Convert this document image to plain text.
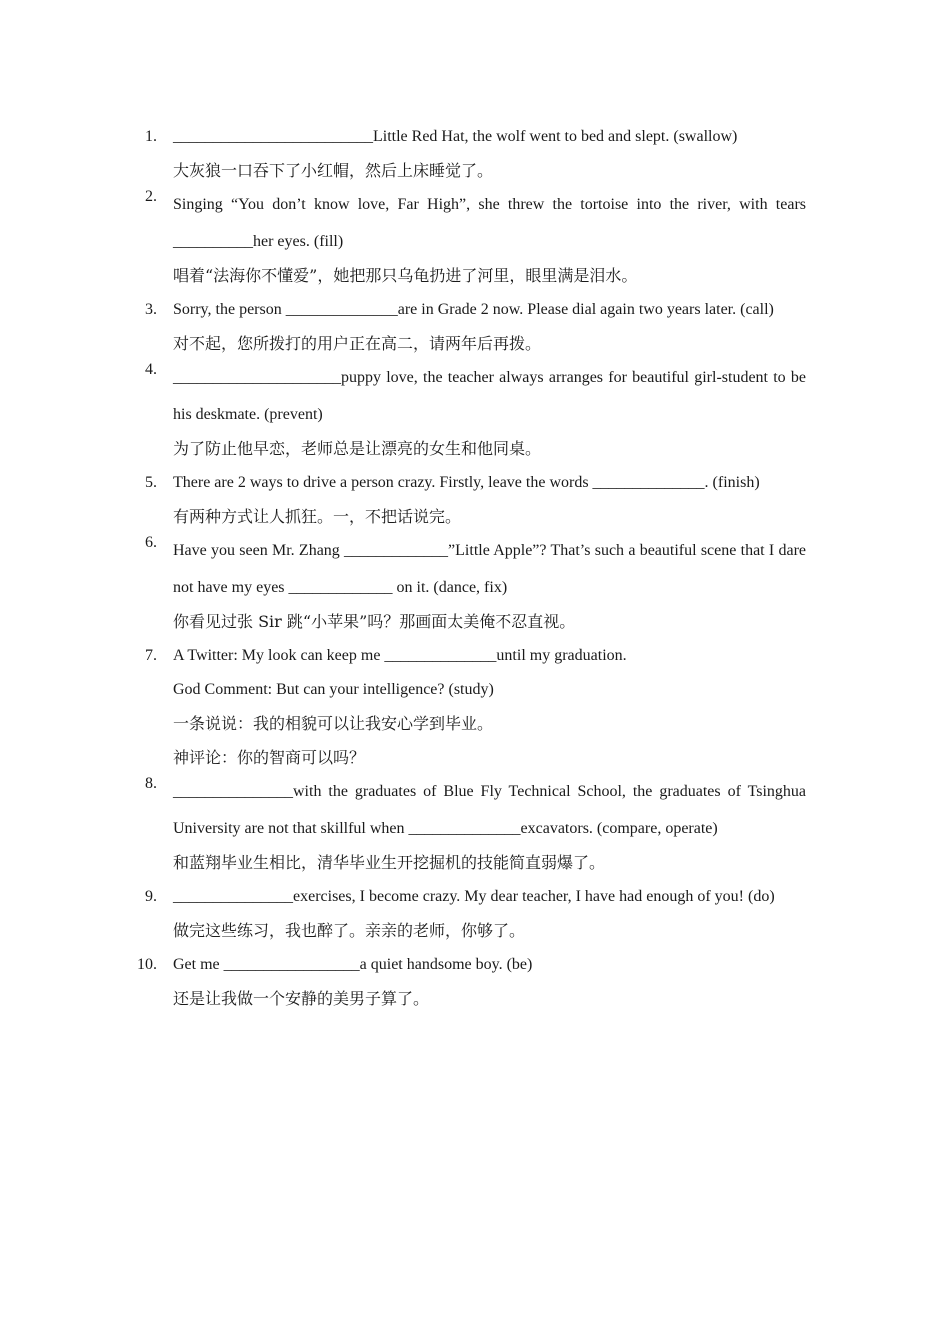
1. _________________________Little Red Hat, the wolf went to bed and slept. (swallow)
大灰狼一口吞下了小红帽，然后上床睡觉了。
2. Singing “You don’t know love, Far High”, she threw the tortoise into the river, with tears __________her eyes. (fill)
唱着“法海你不懂爱”，她把那只乌龟扔进了河里，眼里满是泪水。
3. Sorry, the person ______________are in Grade 2 now. Please dial again two years later. (call)
对不起，您所拨打的用户正在高二，请两年后再拨。
4. _____________________puppy love, the teacher always arranges for beautiful girl-student to be his deskmate. (prevent)
为了防止他早恋，老师总是让漂亮的女生和他同桌。
5. There are 2 ways to drive a person crazy. Firstly, leave the words ______________. (finish)
有两种方式让人抓狂。一，不把话说完。
6. Have you seen Mr. Zhang _____________”Little Apple”? That’s such a beautiful scene that I dare not have my eyes _____________ on it. (dance, fix)
你看见过张 Sir 跳“小苹果”吗？那画面太美俺不忍直视。
7. A Twitter: My look can keep me ______________until my graduation.
God Comment: But can your intelligence? (study)
一条说说：我的相貌可以让我安心学到毕业。
神评论：你的智商可以吗？
8. _______________with the graduates of Blue Fly Technical School, the graduates of Tsinghua University are not that skillful when ______________excavators. (compare, operate)
和蓝翔毕业生相比，清华毕业生开挖掘机的技能简直弱爆了。
9. _______________exercises, I become crazy. My dear teacher, I have had enough of you! (do)
做完这些练习，我也醉了。亲亲的老师，你够了。
10. Get me _________________a quiet handsome boy. (be)
还是让我做一个安静的美男子算了。
